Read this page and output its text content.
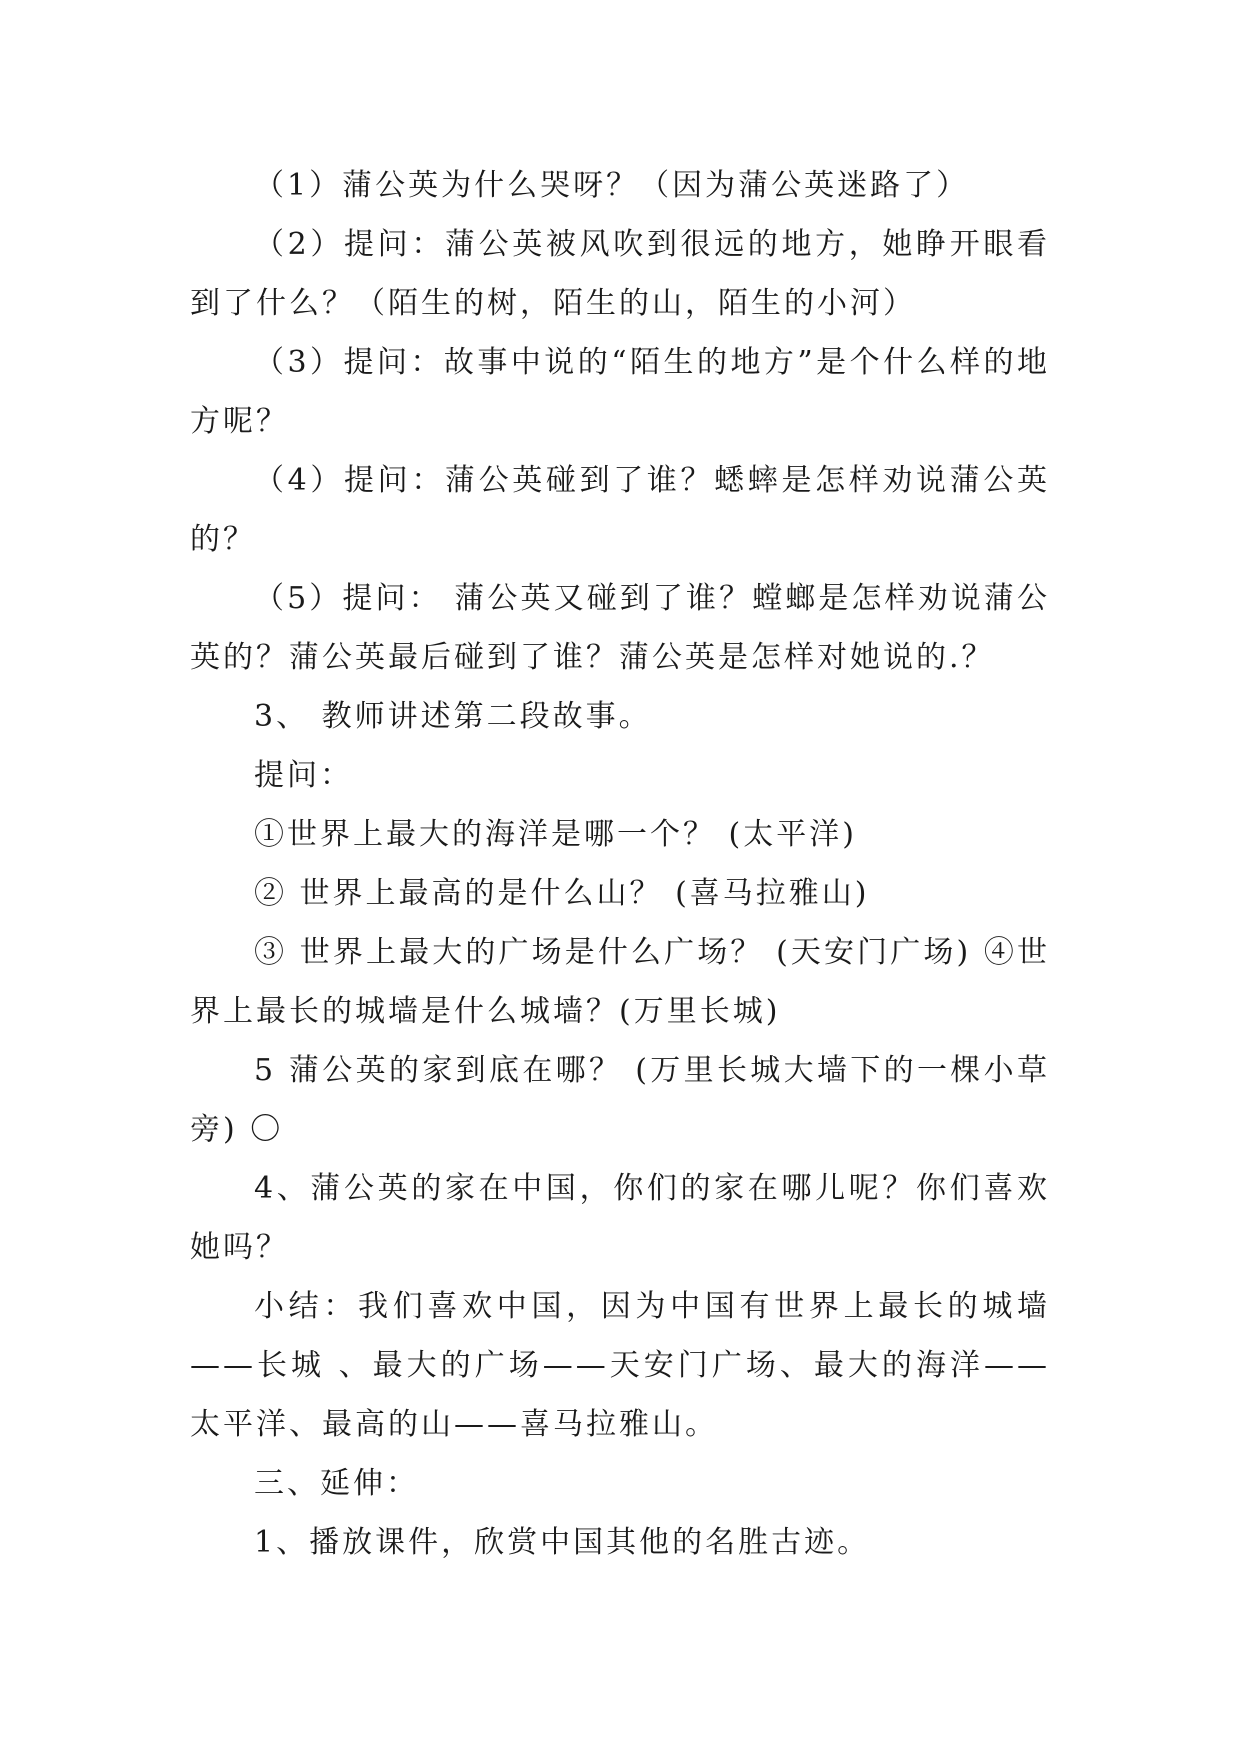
（1）蒲公英为什么哭呀？（因为蒲公英迷路了）

（2）提问：蒲公英被风吹到很远的地方，她睁开眼看到了什么？（陌生的树，陌生的山，陌生的小河）

（3）提问：故事中说的“陌生的地方”是个什么样的地方呢？

（4）提问：蒲公英碰到了谁？蟋蟀是怎样劝说蒲公英的？

（5）提问： 蒲公英又碰到了谁？螳螂是怎样劝说蒲公英的？蒲公英最后碰到了谁？蒲公英是怎样对她说的.？

3、 教师讲述第二段故事。

提问：

①世界上最大的海洋是哪一个？ (太平洋)

② 世界上最高的是什么山？ (喜马拉雅山)

③ 世界上最大的广场是什么广场？ (天安门广场) ④世界上最长的城墙是什么城墙？(万里长城)

5 蒲公英的家到底在哪？ (万里长城大墙下的一棵小草旁) 〇

4、蒲公英的家在中国，你们的家在哪儿呢？你们喜欢她吗？

小结：我们喜欢中国，因为中国有世界上最长的城墙——长城 、最大的广场——天安门广场、最大的海洋——太平洋、最高的山——喜马拉雅山。

三、延伸：

1、播放课件，欣赏中国其他的名胜古迹。
